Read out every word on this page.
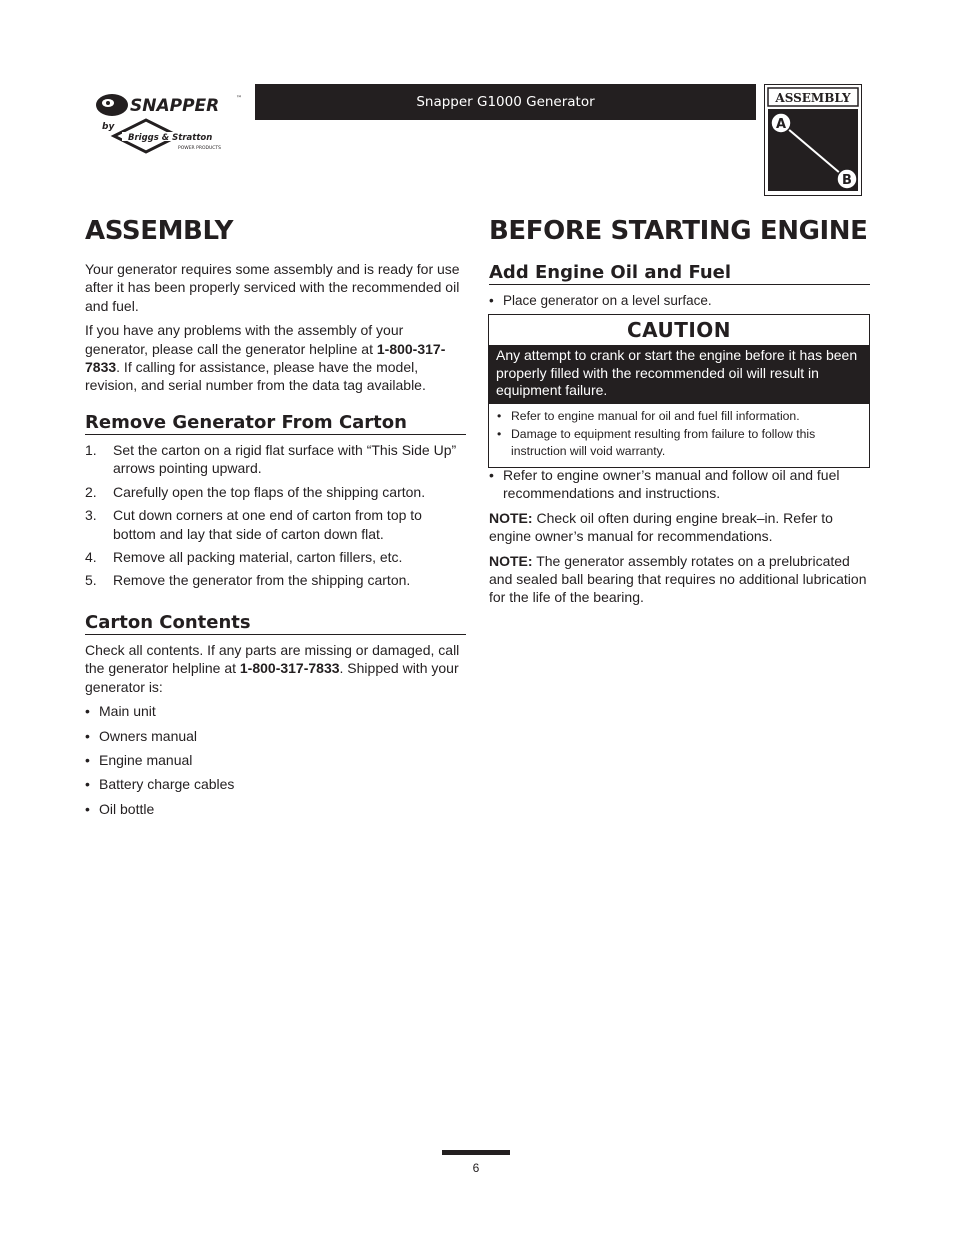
SNAPPER	™
by
Briggs & Stratton
POWER PRODUCTS
Snapper G1000 Generator	ASSEMBLY
A
B
ASSEMBLY

Your generator requires some assembly and is ready for use after it has been properly serviced with the recommended oil and fuel.

If you have any problems with the assembly of your generator, please call the generator helpline at 1-800-317-7833. If calling for assistance, please have the model, revision, and serial number from the data tag available.

Remove Generator From Carton
1. Set the carton on a rigid flat surface with “This Side Up” arrows pointing upward.
2. Carefully open the top flaps of the shipping carton.
3. Cut down corners at one end of carton from top to bottom and lay that side of carton down flat.
4. Remove all packing material, carton fillers, etc.
5. Remove the generator from the shipping carton.
Carton Contents

Check all contents. If any parts are missing or damaged, call the generator helpline at 1-800-317-7833. Shipped with your generator is:

• Main unit
• Owners manual
• Engine manual
• Battery charge cables
• Oil bottle
BEFORE STARTING ENGINE
Add Engine Oil and Fuel
• Place generator on a level surface.
CAUTION
Any attempt to crank or start the engine before it has been properly filled with the recommended oil will result in equipment failure.
• Refer to engine manual for oil and fuel fill information.
• Damage to equipment resulting from failure to follow this instruction will void warranty.
• Refer to engine owner’s manual and follow oil and fuel recommendations and instructions.

NOTE: Check oil often during engine break–in. Refer to engine owner’s manual for recommendations.

NOTE: The generator assembly rotates on a prelubricated and sealed ball bearing that requires no additional lubrication for the life of the bearing.

6
